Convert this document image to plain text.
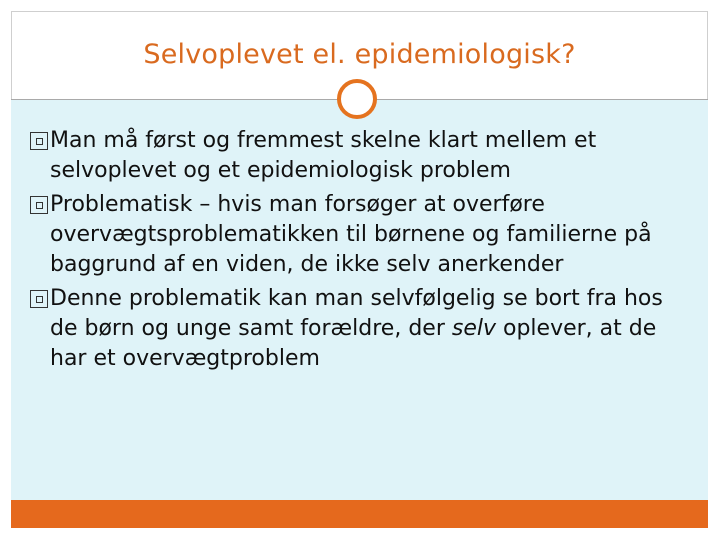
Selvoplevet el. epidemiologisk?
Man må først og fremmest skelne klart mellem et selvoplevet og et epidemiologisk problem
Problematisk – hvis man forsøger at overføre overvægtsproblematikken til børnene og familierne på baggrund af en viden, de ikke selv anerkender
Denne problematik kan man selvfølgelig se bort fra hos de børn og unge samt forældre, der selv oplever, at de har et overvægtproblem
